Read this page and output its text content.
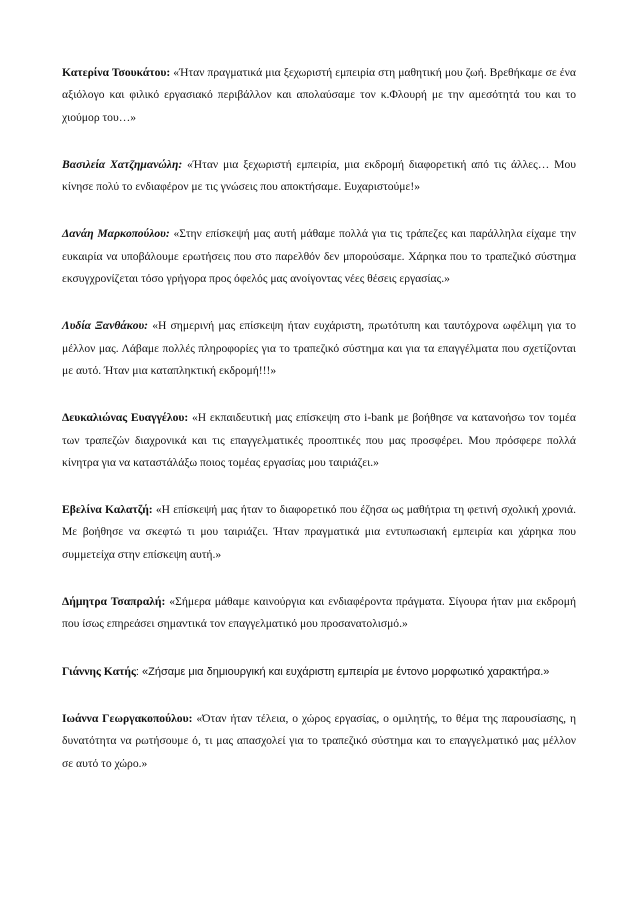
Κατερίνα Τσουκάτου: «Ήταν πραγματικά μια ξεχωριστή εμπειρία στη μαθητική μου ζωή. Βρεθήκαμε σε ένα αξιόλογο και φιλικό εργασιακό περιβάλλον και απολαύσαμε τον κ.Φλουρή με την αμεσότητά του και το χιούμορ του…»

Βασιλεία Χατζημανώλη: «Ήταν μια ξεχωριστή εμπειρία, μια εκδρομή διαφορετική από τις άλλες… Μου κίνησε πολύ το ενδιαφέρον με τις γνώσεις που αποκτήσαμε. Ευχαριστούμε!»

Δανάη Μαρκοπούλου: «Στην επίσκεψή μας αυτή μάθαμε πολλά για τις τράπεζες και παράλληλα είχαμε την ευκαιρία να υποβάλουμε ερωτήσεις που στο παρελθόν δεν μπορούσαμε. Χάρηκα που το τραπεζικό σύστημα εκσυγχρονίζεται τόσο γρήγορα προς όφελός μας ανοίγοντας νέες θέσεις εργασίας.»

Λυδία Ξανθάκου: «Η σημερινή μας επίσκεψη ήταν ευχάριστη, πρωτότυπη και ταυτόχρονα ωφέλιμη για το μέλλον μας. Λάβαμε πολλές πληροφορίες για το τραπεζικό σύστημα και για τα επαγγέλματα που σχετίζονται με αυτό. Ήταν μια καταπληκτική εκδρομή!!!»

Δευκαλιώνας Ευαγγέλου: «Η εκπαιδευτική μας επίσκεψη στο i-bank με βοήθησε να κατανοήσω τον τομέα των τραπεζών διαχρονικά και τις επαγγελματικές προοπτικές που μας προσφέρει. Μου πρόσφερε πολλά κίνητρα για να καταστάλάξω ποιος τομέας εργασίας μου ταιριάζει.»

Εβελίνα Καλατζή: «Η επίσκεψή μας ήταν το διαφορετικό που έζησα ως μαθήτρια τη φετινή σχολική χρονιά. Με βοήθησε να σκεφτώ τι μου ταιριάζει. Ήταν πραγματικά μια εντυπωσιακή εμπειρία και χάρηκα που συμμετείχα στην επίσκεψη αυτή.»

Δήμητρα Τσαπραλή: «Σήμερα μάθαμε καινούργια και ενδιαφέροντα πράγματα. Σίγουρα ήταν μια εκδρομή που ίσως επηρεάσει σημαντικά τον επαγγελματικό μου προσανατολισμό.»

Γιάννης Κατής: «Ζήσαμε μια δημιουργική και ευχάριστη εμπειρία με έντονο μορφωτικό χαρακτήρα.»

Ιωάννα Γεωργακοπούλου: «Όταν ήταν τέλεια, ο χώρος εργασίας, ο ομιλητής, το θέμα της παρουσίασης, η δυνατότητα να ρωτήσουμε ό, τι μας απασχολεί για το τραπεζικό σύστημα και το επαγγελματικό μας μέλλον σε αυτό το χώρο.»
